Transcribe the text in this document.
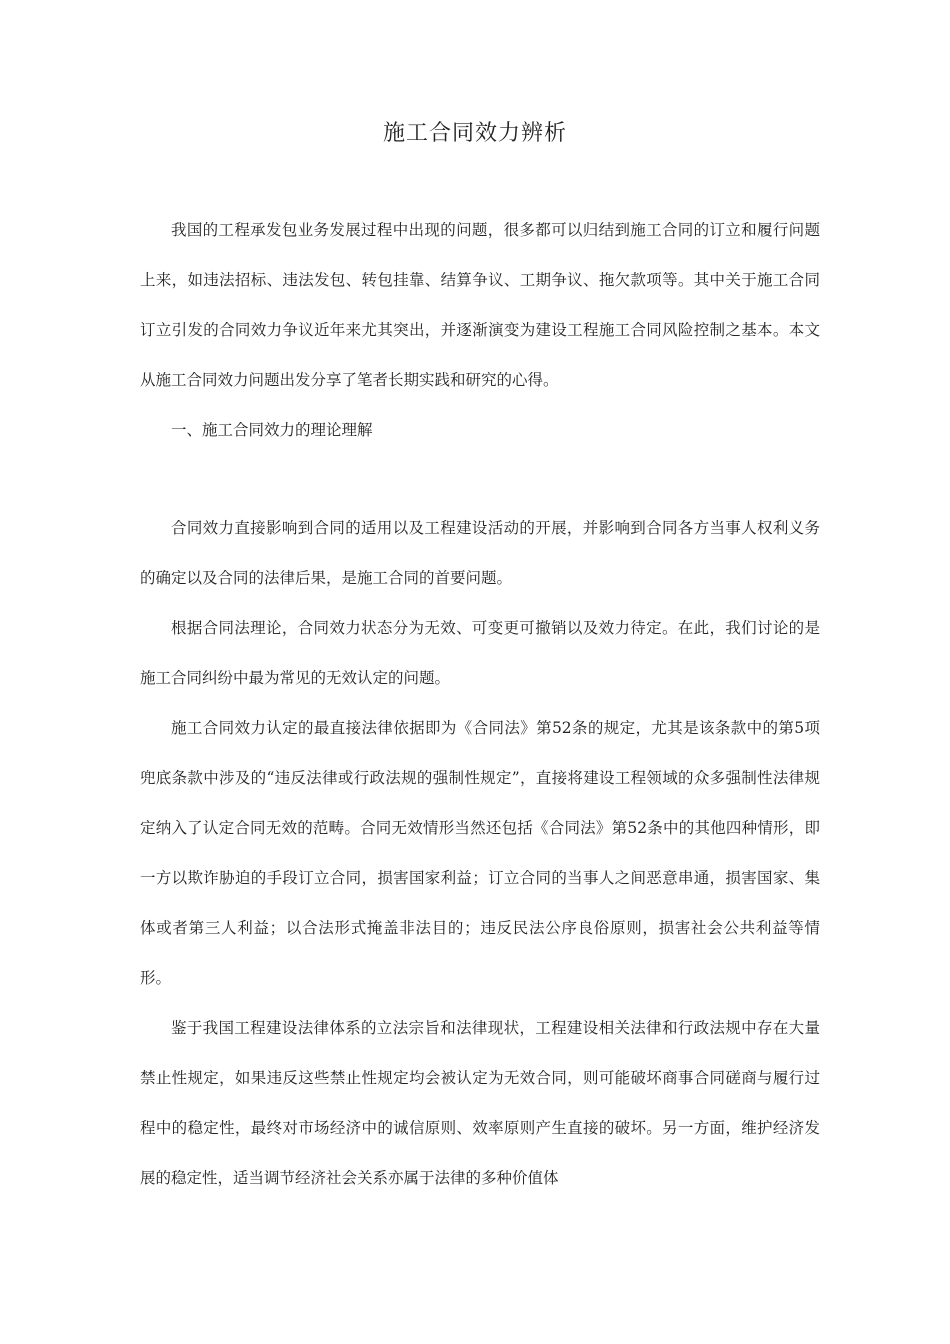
施工合同效力辨析

我国的工程承发包业务发展过程中出现的问题，很多都可以归结到施工合同的订立和履行问题上来，如违法招标、违法发包、转包挂靠、结算争议、工期争议、拖欠款项等。其中关于施工合同订立引发的合同效力争议近年来尤其突出，并逐渐演变为建设工程施工合同风险控制之基本。本文从施工合同效力问题出发分享了笔者长期实践和研究的心得。

一、施工合同效力的理论理解

合同效力直接影响到合同的适用以及工程建设活动的开展，并影响到合同各方当事人权利义务的确定以及合同的法律后果，是施工合同的首要问题。

根据合同法理论，合同效力状态分为无效、可变更可撤销以及效力待定。在此，我们讨论的是施工合同纠纷中最为常见的无效认定的问题。

施工合同效力认定的最直接法律依据即为《合同法》第52条的规定，尤其是该条款中的第5项兜底条款中涉及的“违反法律或行政法规的强制性规定”，直接将建设工程领域的众多强制性法律规定纳入了认定合同无效的范畴。合同无效情形当然还包括《合同法》第52条中的其他四种情形，即一方以欺诈胁迫的手段订立合同，损害国家利益；订立合同的当事人之间恶意串通，损害国家、集体或者第三人利益；以合法形式掩盖非法目的；违反民法公序良俗原则，损害社会公共利益等情形。

鉴于我国工程建设法律体系的立法宗旨和法律现状，工程建设相关法律和行政法规中存在大量禁止性规定，如果违反这些禁止性规定均会被认定为无效合同，则可能破坏商事合同磋商与履行过程中的稳定性，最终对市场经济中的诚信原则、效率原则产生直接的破坏。另一方面，维护经济发展的稳定性，适当调节经济社会关系亦属于法律的多种价值体
